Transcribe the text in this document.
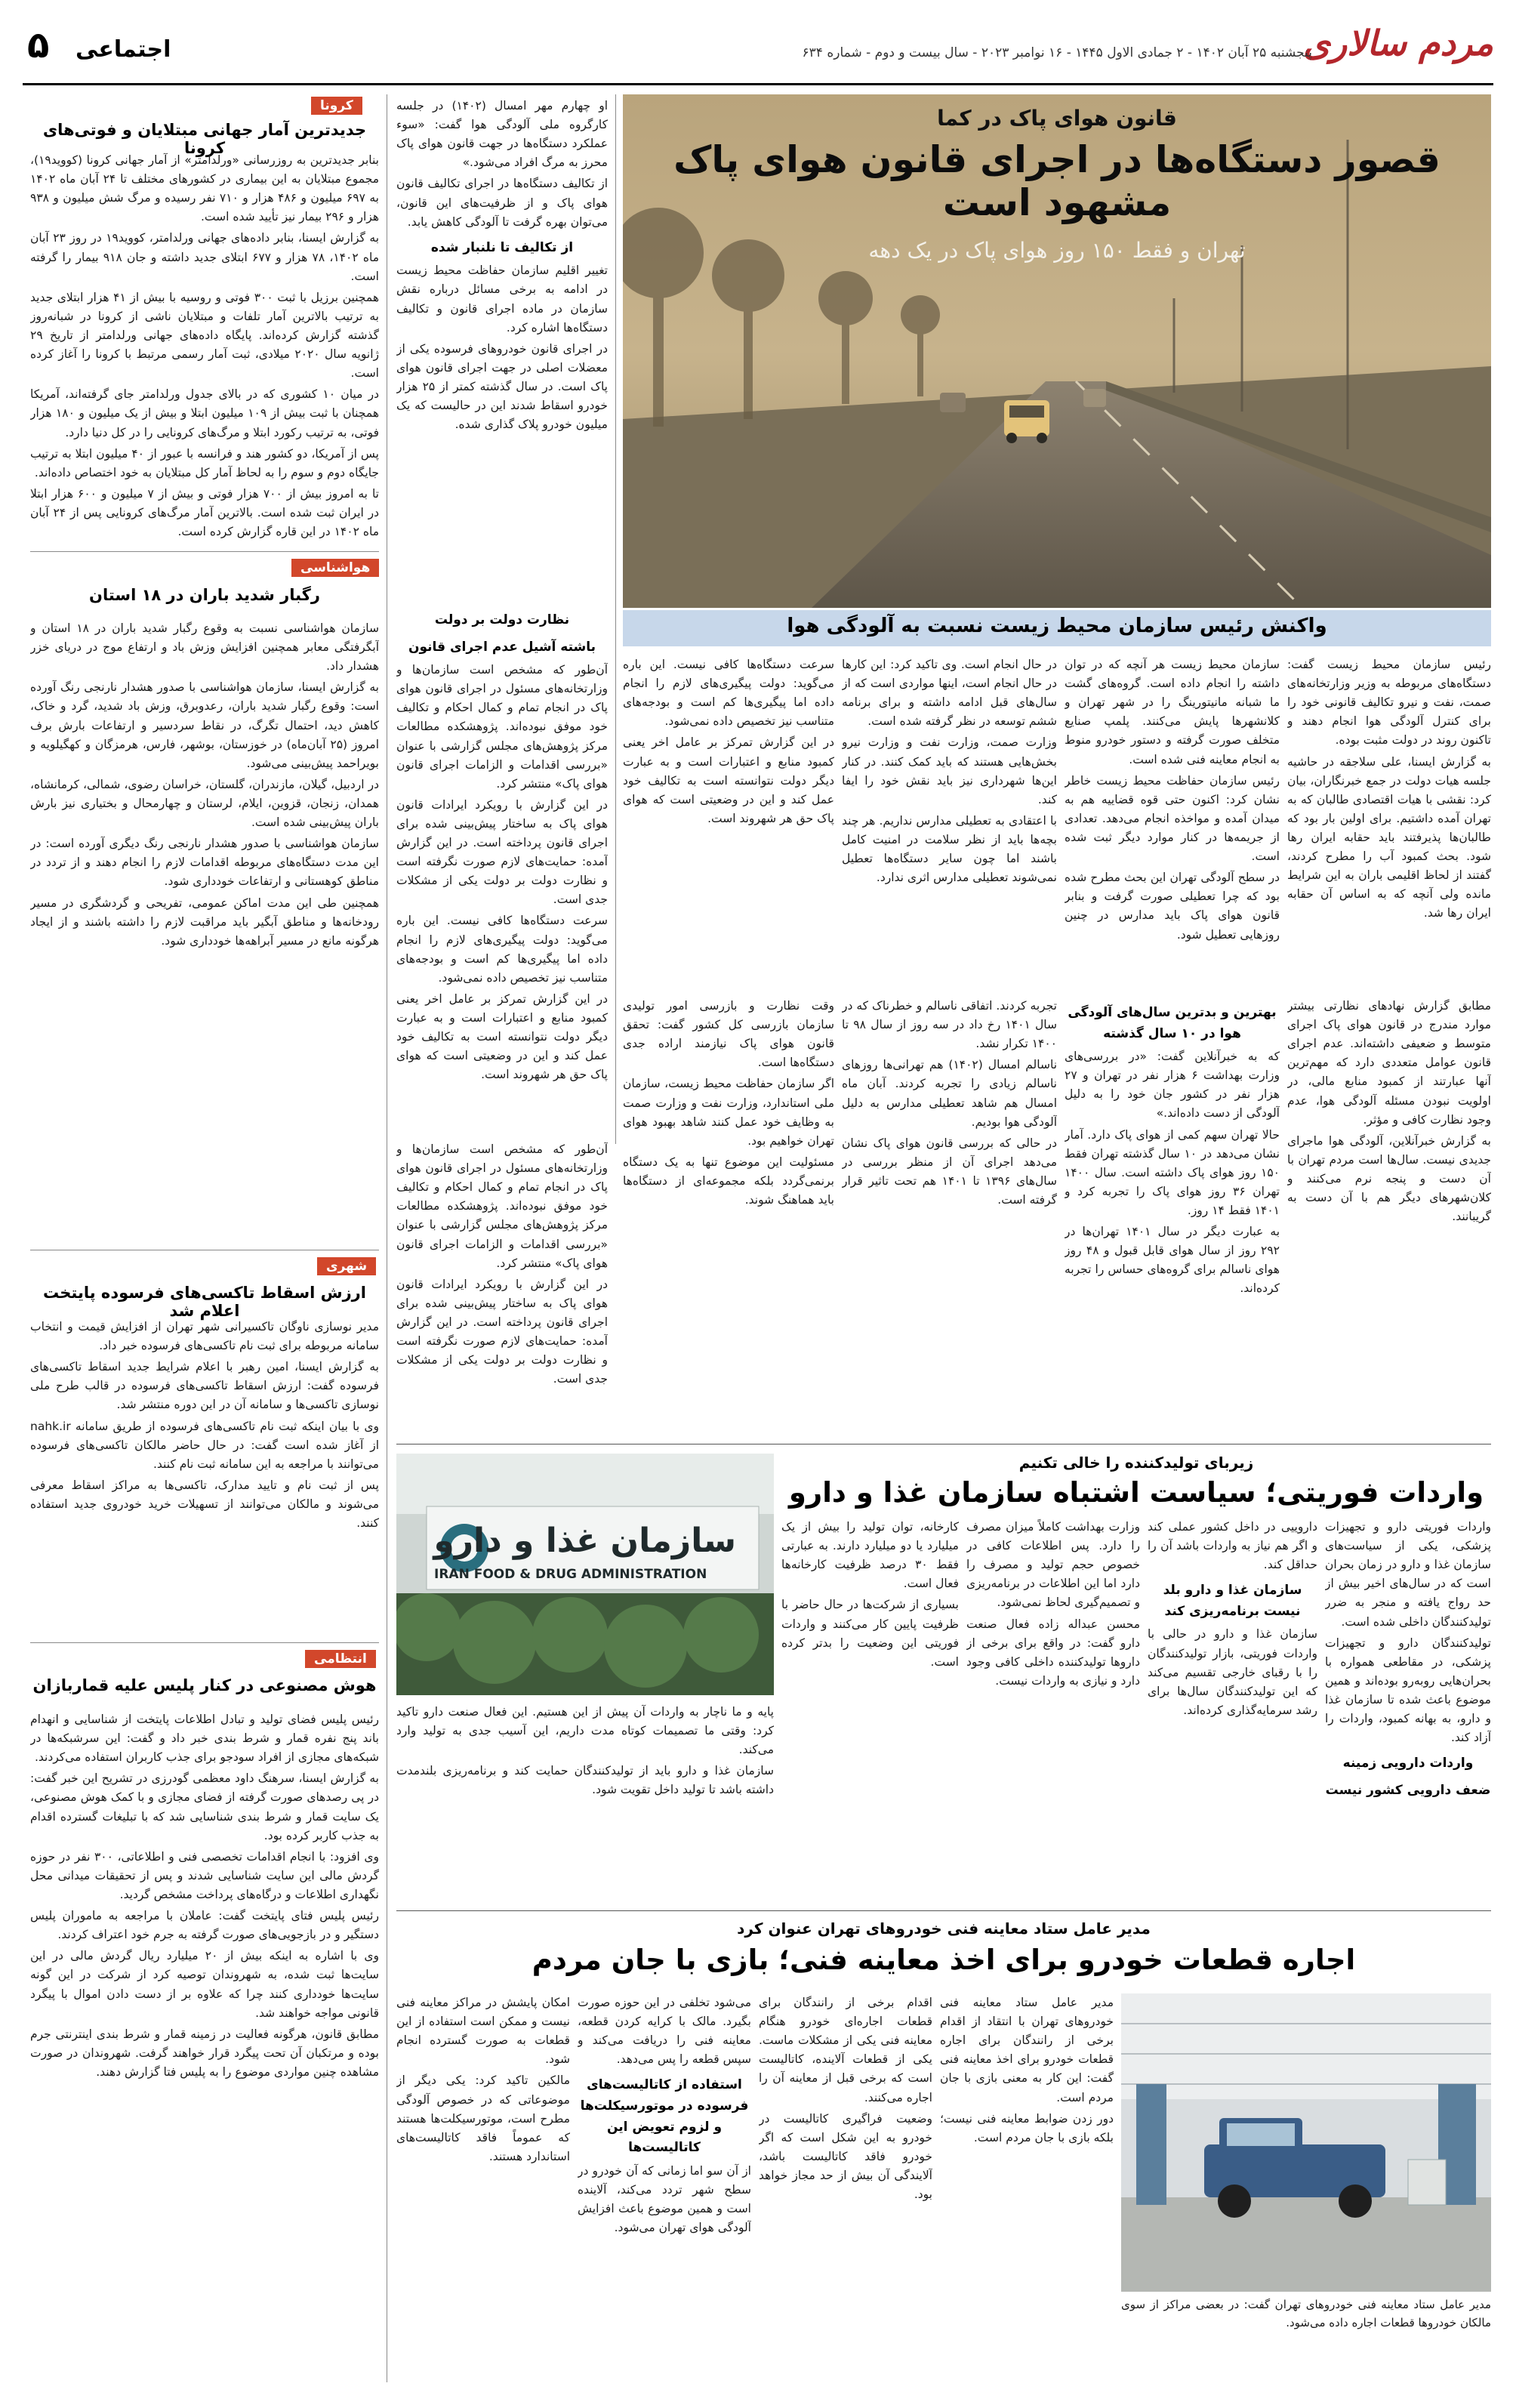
مردم سالاری
پنجشنبه ۲۵ آبان ۱۴۰۲ - ۲ جمادی الاول ۱۴۴۵ - ۱۶ نوامبر ۲۰۲۳ - سال بیست و دوم - شماره ۶۳۴
اجتماعی
۵
کرونا
جدیدترین آمار جهانی مبتلایان و فوتی‌های کرونا

بنابر جدیدترین به روزرسانی «ورلدامتر» از آمار جهانی کرونا (کووید۱۹)، مجموع مبتلایان به این بیماری در کشورهای مختلف تا ۲۴ آبان ماه ۱۴۰۲ به ۶۹۷ میلیون و ۴۸۶ هزار و ۷۱۰ نفر رسیده و مرگ شش میلیون و ۹۳۸ هزار و ۲۹۶ بیمار نیز تأیید شده است.

به گزارش ایسنا، بنابر داده‌های جهانی ورلدامتر، کووید۱۹ در روز ۲۳ آبان ماه ۱۴۰۲، ۷۸ هزار و ۶۷۷ ابتلای جدید داشته و جان ۹۱۸ بیمار را گرفته است.

همچنین برزیل با ثبت ۳۰۰ فوتی و روسیه با بیش از ۴۱ هزار ابتلای جدید به ترتیب بالاترین آمار تلفات و مبتلایان ناشی از کرونا در شبانه‌روز گذشته گزارش کرده‌اند. پایگاه داده‌های جهانی ورلدامتر از تاریخ ۲۹ ژانویه سال ۲۰۲۰ میلادی، ثبت آمار رسمی مرتبط با کرونا را آغاز کرده است.

در میان ۱۰ کشوری که در بالای جدول ورلدامتر جای گرفته‌اند، آمریکا همچنان با ثبت بیش از ۱۰۹ میلیون ابتلا و بیش از یک میلیون و ۱۸۰ هزار فوتی، به ترتیب رکورد ابتلا و مرگ‌های کرونایی را در کل دنیا دارد.

پس از آمریکا، دو کشور هند و فرانسه با عبور از ۴۰ میلیون ابتلا به ترتیب جایگاه دوم و سوم را به لحاظ آمار کل مبتلایان به خود اختصاص داده‌اند.

تا به امروز بیش از ۷۰۰ هزار فوتی و بیش از ۷ میلیون و ۶۰۰ هزار ابتلا در ایران ثبت شده است. بالاترین آمار مرگ‌های کرونایی پس از ۲۴ آبان ماه ۱۴۰۲ در این قاره گزارش کرده است.

هواشناسی
رگبار شدید باران در ۱۸ استان

سازمان هواشناسی نسبت به وقوع رگبار شدید باران در ۱۸ استان و آبگرفتگی معابر همچنین افزایش وزش باد و ارتفاع موج در دریای خزر هشدار داد.

به گزارش ایسنا، سازمان هواشناسی با صدور هشدار نارنجی رنگ آورده است: وقوع رگبار شدید باران، رعدوبرق، وزش باد شدید، گرد و خاک، کاهش دید، احتمال تگرگ، در نقاط سردسیر و ارتفاعات بارش برف امروز (۲۵ آبان‌ماه) در خوزستان، بوشهر، فارس، هرمزگان و کهگیلویه و بویراحمد پیش‌بینی می‌شود.

در اردبیل، گیلان، مازندران، گلستان، خراسان رضوی، شمالی، کرمانشاه، همدان، زنجان، قزوین، ایلام، لرستان و چهارمحال و بختیاری نیز بارش باران پیش‌بینی شده است.

سازمان هواشناسی با صدور هشدار نارنجی رنگ دیگری آورده است: در این مدت دستگاه‌های مربوطه اقدامات لازم را انجام دهند و از تردد در مناطق کوهستانی و ارتفاعات خودداری شود.

همچنین طی این مدت اماکن عمومی، تفریحی و گردشگری در مسیر رودخانه‌ها و مناطق آبگیر باید مراقبت لازم را داشته باشند و از ایجاد هرگونه مانع در مسیر آبراهه‌ها خودداری شود.

شهری
ارزش اسقاط تاکسی‌های فرسوده پایتخت اعلام شد

مدیر نوسازی ناوگان تاکسیرانی شهر تهران از افزایش قیمت و انتخاب سامانه مربوطه برای ثبت نام تاکسی‌های فرسوده خبر داد.

به گزارش ایسنا، امین رهبر با اعلام شرایط جدید اسقاط تاکسی‌های فرسوده گفت: ارزش اسقاط تاکسی‌های فرسوده در قالب طرح ملی نوسازی تاکسی‌ها و سامانه آن در این دوره منتشر شد.

وی با بیان اینکه ثبت نام تاکسی‌های فرسوده از طریق سامانه nahk.ir از آغاز شده است گفت: در حال حاضر مالکان تاکسی‌های فرسوده می‌توانند با مراجعه به این سامانه ثبت نام کنند.

پس از ثبت نام و تایید مدارک، تاکسی‌ها به مراکز اسقاط معرفی می‌شوند و مالکان می‌توانند از تسهیلات خرید خودروی جدید استفاده کنند.

انتظامی
هوش مصنوعی در کنار پلیس علیه قماربازان

رئیس پلیس فضای تولید و تبادل اطلاعات پایتخت از شناسایی و انهدام باند پنج نفره قمار و شرط بندی خبر داد و گفت: این سرشبکه‌ها در شبکه‌های مجازی از افراد سودجو برای جذب کاربران استفاده می‌کردند.

به گزارش ایسنا، سرهنگ داود معظمی گودرزی در تشریح این خبر گفت: در پی رصدهای صورت گرفته از فضای مجازی و با کمک هوش مصنوعی، یک سایت قمار و شرط بندی شناسایی شد که با تبلیغات گسترده اقدام به جذب کاربر کرده بود.

وی افزود: با انجام اقدامات تخصصی فنی و اطلاعاتی، ۳۰۰ نفر در حوزه گردش مالی این سایت شناسایی شدند و پس از تحقیقات میدانی محل نگهداری اطلاعات و درگاه‌های پرداخت مشخص گردید.

رئیس پلیس فتای پایتخت گفت: عاملان با مراجعه به ماموران پلیس دستگیر و در بازجویی‌های صورت گرفته به جرم خود اعتراف کردند.

وی با اشاره به اینکه بیش از ۲۰ میلیارد ریال گردش مالی در این سایت‌ها ثبت شده، به شهروندان توصیه کرد از شرکت در این گونه سایت‌ها خودداری کنند چرا که علاوه بر از دست دادن اموال با پیگرد قانونی مواجه خواهند شد.

مطابق قانون، هرگونه فعالیت در زمینه قمار و شرط بندی اینترنتی جرم بوده و مرتکبان آن تحت پیگرد قرار خواهند گرفت. شهروندان در صورت مشاهده چنین مواردی موضوع را به پلیس فتا گزارش دهند.

او چهارم مهر امسال (۱۴۰۲) در جلسه کارگروه ملی آلودگی هوا گفت: «سوء عملکرد دستگاه‌ها در جهت قانون هوای پاک محرز به مرگ افراد می‌شود.»

از تکالیف دستگاه‌ها در اجرای تکالیف قانون هوای پاک و از ظرفیت‌های این قانون، می‌توان بهره گرفت تا آلودگی کاهش یابد.

از تکالیف تا نلنبار شده

تغییر اقلیم سازمان حفاظت محیط زیست در ادامه به برخی مسائل درباره نقش سازمان در ماده اجرای قانون و تکالیف دستگاه‌ها اشاره کرد.

در اجرای قانون خودروهای فرسوده یکی از معضلات اصلی در جهت اجرای قانون هوای پاک است. در سال گذشته کمتر از ۲۵ هزار خودرو اسقاط شدند این در حالیست که یک میلیون خودرو پلاک گذاری شده.

نظارت دولت بر دولت
باشته آشیل عدم اجرای قانون

آن‌طور که مشخص است سازمان‌ها و وزارتخانه‌های مسئول در اجرای قانون هوای پاک در انجام تمام و کمال احکام و تکالیف خود موفق نبوده‌اند. پژوهشکده مطالعات مرکز پژوهش‌های مجلس گزارشی با عنوان «بررسی اقدامات و الزامات اجرای قانون هوای پاک» منتشر کرد.

در این گزارش با رویکرد ایرادات قانون هوای پاک به ساختار پیش‌بینی شده برای اجرای قانون پرداخته است. در این گزارش آمده: حمایت‌های لازم صورت نگرفته است و نظارت دولت بر دولت یکی از مشکلات جدی است.

سرعت دستگاه‌ها کافی نیست. این باره می‌گوید: دولت پیگیری‌های لازم را انجام داده اما پیگیری‌ها کم است و بودجه‌های متناسب نیز تخصیص داده نمی‌شود.

در این گزارش تمرکز بر عامل اخر یعنی کمبود منابع و اعتبارات است و به عبارت دیگر دولت نتوانسته است به تکالیف خود عمل کند و این در وضعیتی است که هوای پاک حق هر شهروند است.

قانون هوای پاک در کما
قصور دستگاه‌ها در اجرای قانون هوای پاک مشهود است
تهران و فقط ۱۵۰ روز هوای پاک در یک دهه
واکنش رئیس سازمان محیط زیست نسبت به آلودگی هوا

رئیس سازمان محیط زیست گفت: دستگاه‌های مربوطه به وزیر وزارتخانه‌های صمت، نفت و نیرو تکالیف قانونی خود را برای کنترل آلودگی هوا انجام دهند و تاکنون روند در دولت مثبت بوده.

به گزارش ایسنا، علی سلاجقه در حاشیه جلسه هیات دولت در جمع خبرنگاران، بیان کرد: نقشی با هیات اقتصادی طالبان که به تهران آمده داشتیم. برای اولین بار بود که طالبان‌ها پذیرفتند باید حقابه ایران رها شود. بحث کمبود آب را مطرح کردند، گفتند از لحاظ اقلیمی باران به این شرایط مانده ولی آنچه که به اساس آن حقابه ایران رها شد.

سازمان محیط زیست هر آنچه که در توان داشته را انجام داده است. گروه‌های گشت ما شبانه مانیتورینگ را در شهر تهران و کلانشهرها پایش می‌کنند. پلمپ صنایع متخلف صورت گرفته و دستور خودرو منوط به انجام معاینه فنی شده است.

رئیس سازمان حفاظت محیط زیست خاطر نشان کرد: اکنون حتی قوه قضاییه هم به میدان آمده و مواخذه انجام می‌دهد. تعدادی از جریمه‌ها در کنار موارد دیگر ثبت شده است.

در سطح آلودگی تهران این بحث مطرح شده بود که چرا تعطیلی صورت گرفت و بنابر قانون هوای پاک باید مدارس در چنین روزهایی تعطیل شود.

در حال انجام است. وی تاکید کرد: این کارها در حال انجام است، اینها مواردی است که از سال‌های قبل ادامه داشته و برای برنامه ششم توسعه در نظر گرفته شده است.

وزارت صمت، وزارت نفت و وزارت نیرو بخش‌هایی هستند که باید کمک کنند. در کنار این‌ها شهرداری نیز باید نقش خود را ایفا کند.

با اعتقادی به تعطیلی مدارس نداریم. هر چند بچه‌ها باید از نظر سلامت در امنیت کامل باشند اما چون سایر دستگاه‌ها تعطیل نمی‌شوند تعطیلی مدارس اثری ندارد.

سرعت دستگاه‌ها کافی نیست. این باره می‌گوید: دولت پیگیری‌های لازم را انجام داده اما پیگیری‌ها کم است و بودجه‌های متناسب نیز تخصیص داده نمی‌شود.

در این گزارش تمرکز بر عامل اخر یعنی کمبود منابع و اعتبارات است و به عبارت دیگر دولت نتوانسته است به تکالیف خود عمل کند و این در وضعیتی است که هوای پاک حق هر شهروند است.

مطابق گزارش نهادهای نظارتی بیشتر موارد مندرج در قانون هوای پاک اجرای متوسط و ضعیفی داشته‌اند. عدم اجرای قانون عوامل متعددی دارد که مهم‌ترین آنها عبارتند از کمبود منابع مالی، در اولویت نبودن مسئله آلودگی هوا، عدم وجود نظارت کافی و مؤثر.

به گزارش خبرآنلاین، آلودگی هوا ماجرای جدیدی نیست. سال‌ها است مردم تهران با آن دست و پنجه نرم می‌کنند و کلان‌شهرهای دیگر هم با آن دست به گریبانند.

بهترین و بدترین سال‌های آلودگی هوا در ۱۰ سال گذشته

که به خبرآنلاین گفت: «در بررسی‌های وزارت بهداشت ۶ هزار نفر در تهران و ۲۷ هزار نفر در کشور جان خود را به دلیل آلودگی از دست داده‌اند.»

حالا تهران سهم کمی از هوای پاک دارد. آمار نشان می‌دهد در ۱۰ سال گذشته تهران فقط ۱۵۰ روز هوای پاک داشته است. سال ۱۴۰۰ تهران ۳۶ روز هوای پاک را تجربه کرد و ۱۴۰۱ فقط ۱۴ روز.

به عبارت دیگر در سال ۱۴۰۱ تهران‌ها در ۲۹۲ روز از سال هوای قابل قبول و ۴۸ روز هوای ناسالم برای گروه‌های حساس را تجربه کرده‌اند.

تجربه کردند. اتفاقی ناسالم و خطرناک که در سال ۱۴۰۱ رخ داد در سه روز از سال ۹۸ تا ۱۴۰۰ تکرار نشد.

ناسالم امسال (۱۴۰۲) هم تهرانی‌ها روزهای ناسالم زیادی را تجربه کردند. آبان ماه امسال هم شاهد تعطیلی مدارس به دلیل آلودگی هوا بودیم.

در حالی که بررسی قانون هوای پاک نشان می‌دهد اجرای آن از منظر بررسی در سال‌های ۱۳۹۶ تا ۱۴۰۱ هم تحت تاثیر قرار گرفته است.

وقت نظارت و بازرسی امور توليدی سازمان بازرسی کل کشور گفت: تحقق قانون هوای پاک نیازمند اراده جدی دستگاه‌ها است.

اگر سازمان حفاظت محیط زیست، سازمان ملی استاندارد، وزارت نفت و وزارت صمت به وظایف خود عمل کنند شاهد بهبود هوای تهران خواهیم بود.

مسئولیت این موضوع تنها به یک دستگاه برنمی‌گردد بلکه مجموعه‌ای از دستگاه‌ها باید هماهنگ شوند.

آن‌طور که مشخص است سازمان‌ها و وزارتخانه‌های مسئول در اجرای قانون هوای پاک در انجام تمام و کمال احکام و تکالیف خود موفق نبوده‌اند. پژوهشکده مطالعات مرکز پژوهش‌های مجلس گزارشی با عنوان «بررسی اقدامات و الزامات اجرای قانون هوای پاک» منتشر کرد.

در این گزارش با رویکرد ایرادات قانون هوای پاک به ساختار پیش‌بینی شده برای اجرای قانون پرداخته است. در این گزارش آمده: حمایت‌های لازم صورت نگرفته است و نظارت دولت بر دولت یکی از مشکلات جدی است.

زیربای تولیدکننده را خالی تکنیم
واردات فوریتی؛ سیاست اشتباه سازمان غذا و دارو
سازمان غذا و دارو
IRAN FOOD & DRUG ADMINISTRATION

واردات فوریتی دارو و تجهیزات پزشکی، یکی از سیاست‌های سازمان غذا و دارو در زمان بحران است که در سال‌های اخیر بیش از حد رواج یافته و منجر به ضرر تولیدکنندگان داخلی شده است.

تولیدکنندگان دارو و تجهیزات پزشکی، در مقاطعی همواره با بحران‌هایی روبه‌رو بوده‌اند و همین موضوع باعث شده تا سازمان غذا و دارو، به بهانه کمبود، واردات را آزاد کند.

واردات دارویی زمینه
ضعف دارویی کشور نیست

داروییی در داخل کشور عملی کند و اگر هم نیاز به واردات باشد آن را حداقل کند.

سازمان غذا و دارو بلد نیست برنامه‌ریزی کند

سازمان غذا و دارو در حالی با واردات فوریتی، بازار تولیدکنندگان را با رقبای خارجی تقسیم می‌کند که این تولیدکنندگان سال‌ها برای رشد سرمایه‌گذاری کرده‌اند.

وزارت بهداشت کاملاً میزان مصرف را دارد. پس اطلاعات کافی در خصوص حجم تولید و مصرف را دارد اما این اطلاعات در برنامه‌ریزی و تصمیم‌گیری لحاظ نمی‌شود.

محسن عبداله زاده فعال صنعت دارو گفت: در واقع برای برخی از داروها تولیدکننده داخلی کافی وجود دارد و نیازی به واردات نیست.

کارخانه، توان تولید را بیش از یک میلیارد یا دو میلیارد دارند. به عبارتی فقط ۳۰ درصد ظرفیت کارخانه‌ها فعال است.

بسیاری از شرکت‌ها در حال حاضر با ظرفیت پایین کار می‌کنند و واردات فوریتی این وضعیت را بدتر کرده است.

پایه و ما ناچار به واردات آن پیش از این هستیم. این فعال صنعت دارو تاکید کرد: وقتی ما تصمیمات کوتاه مدت داریم، این آسیب جدی به تولید وارد می‌کند.

سازمان غذا و دارو باید از تولیدکنندگان حمایت کند و برنامه‌ریزی بلندمدت داشته باشد تا تولید داخل تقویت شود.

مدیر عامل ستاد معاینه فنی خودروهای تهران عنوان کرد
اجاره قطعات خودرو برای اخذ معاینه فنی؛ بازی با جان مردم
مدیر عامل ستاد معاینه فنی خودروهای تهران گفت: در بعضی مراکز از سوی مالکان خودروها قطعات اجاره داده می‌شود.

مدیر عامل ستاد معاینه فنی خودروهای تهران با انتقاد از اقدام برخی از رانندگان برای اجاره قطعات خودرو برای اخذ معاینه فنی گفت: این کار به معنی بازی با جان مردم است.

دور زدن ضوابط معاینه فنی نیست؛ بلکه بازی با جان مردم است.

اقدام برخی از رانندگان برای قطعات اجاره‌ای خودرو هنگام معاینه فنی یکی از مشکلات ماست. یکی از قطعات آلاینده، کاتالیست است که برخی قبل از معاینه آن را اجاره می‌کنند.

وضعیت فراگیری کاتالیست در خودرو به این شکل است که اگر خودرو فاقد کاتالیست باشد، آلایندگی آن بیش از حد مجاز خواهد بود.

می‌شود تخلفی در این حوزه صورت بگیرد. مالک با کرایه کردن قطعه، معاینه فنی را دریافت می‌کند و سپس قطعه را پس می‌دهد.

استفاده از کاتالیست‌های فرسوده در موتورسیکلت‌ها و لزوم تعویض این کاتالیست‌ها

از آن سو اما زمانی که آن خودرو در سطح شهر تردد می‌کند، آلاینده است و همین موضوع باعث افزایش آلودگی هوای تهران می‌شود.

امکان پایشش در مراکز معاینه فنی نیست و ممکن است استفاده از این قطعات به صورت گسترده انجام شود.

مالکین تاکید کرد: یکی دیگر از موضوعاتی که در خصوص آلودگی مطرح است، موتورسیکلت‌ها هستند که عموماً فاقد کاتالیست‌های استاندارد هستند.
